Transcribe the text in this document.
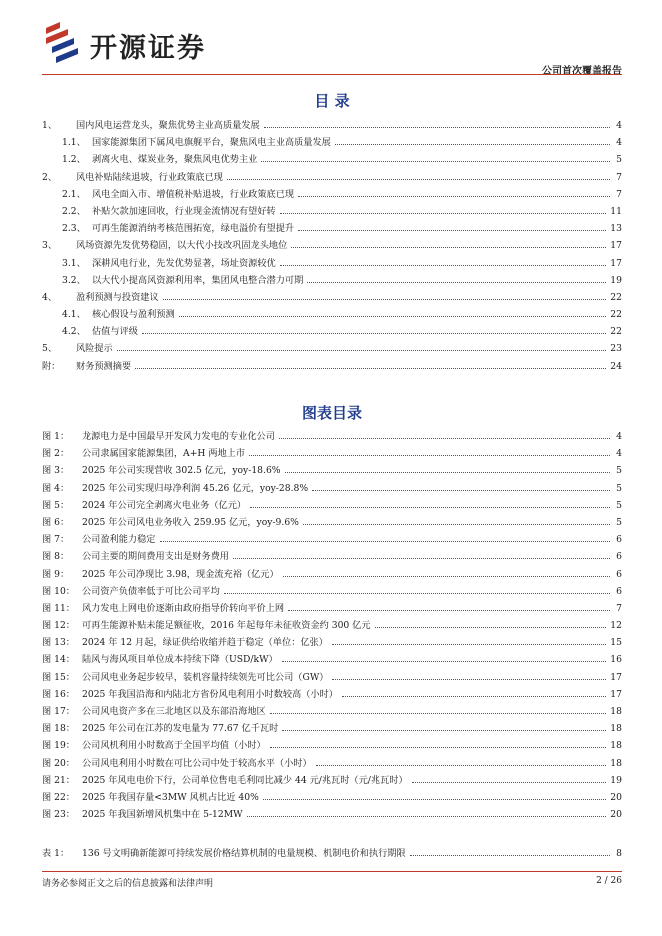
开源证券
公司首次覆盖报告
目 录
1、	国内风电运营龙头，聚焦优势主业高质量发展	4
1.1、 国家能源集团下属风电旗舰平台，聚焦风电主业高质量发展	4
1.2、 剥离火电、煤炭业务，聚焦风电优势主业	5
2、	风电补贴陆续退坡，行业政策底已现	7
2.1、 风电全面入市、增值税补贴退坡，行业政策底已现	7
2.2、 补贴欠款加速回收，行业现金流情况有望好转	11
2.3、 可再生能源消纳考核范围拓宽，绿电溢价有望提升	13
3、	风场资源先发优势稳固，以大代小技改巩固龙头地位	17
3.1、 深耕风电行业，先发优势显著，场址资源较优	17
3.2、 以大代小提高风资源利用率，集团风电整合潜力可期	19
4、	盈利预测与投资建议	22
4.1、 核心假设与盈利预测	22
4.2、 估值与评级	22
5、	风险提示	23
附：	财务预测摘要	24
图表目录
图 1：	龙源电力是中国最早开发风力发电的专业化公司	4
图 2：	公司隶属国家能源集团，A+H 两地上市	4
图 3：	2025 年公司实现营收 302.5 亿元，yoy-18.6%	5
图 4：	2025 年公司实现归母净利润 45.26 亿元，yoy-28.8%	5
图 5：	2024 年公司完全剥离火电业务（亿元）	5
图 6：	2025 年公司风电业务收入 259.95 亿元，yoy-9.6%	5
图 7：	公司盈利能力稳定	6
图 8：	公司主要的期间费用支出是财务费用	6
图 9：	2025 年公司净现比 3.98，现金流充裕（亿元）	6
图 10： 公司资产负债率低于可比公司平均	6
图 11： 风力发电上网电价逐渐由政府指导价转向平价上网	7
图 12： 可再生能源补贴未能足额征收，2016 年起每年未征收资金约 300 亿元	12
图 13： 2024 年 12 月起，绿证供给收缩并趋于稳定（单位：亿张）	15
图 14： 陆风与海风项目单位成本持续下降（USD/kW）	16
图 15： 公司风电业务起步较早，装机容量持续领先可比公司（GW）	17
图 16： 2025 年我国沿海和内陆北方省份风电利用小时数较高（小时）	17
图 17： 公司风电资产多在三北地区以及东部沿海地区	18
图 18： 2025 年公司在江苏的发电量为 77.67 亿千瓦时	18
图 19： 公司风机利用小时数高于全国平均值（小时）	18
图 20： 公司风电利用小时数在可比公司中处于较高水平（小时）	18
图 21： 2025 年风电电价下行，公司单位售电毛利同比减少 44 元/兆瓦时（元/兆瓦时）	19
图 22： 2025 年我国存量<3MW 风机占比近 40%	20
图 23： 2025 年我国新增风机集中在 5-12MW	20
表 1：	136 号文明确新能源可持续发展价格结算机制的电量规模、机制电价和执行期限	8
请务必参阅正文之后的信息披露和法律声明	2 / 26
